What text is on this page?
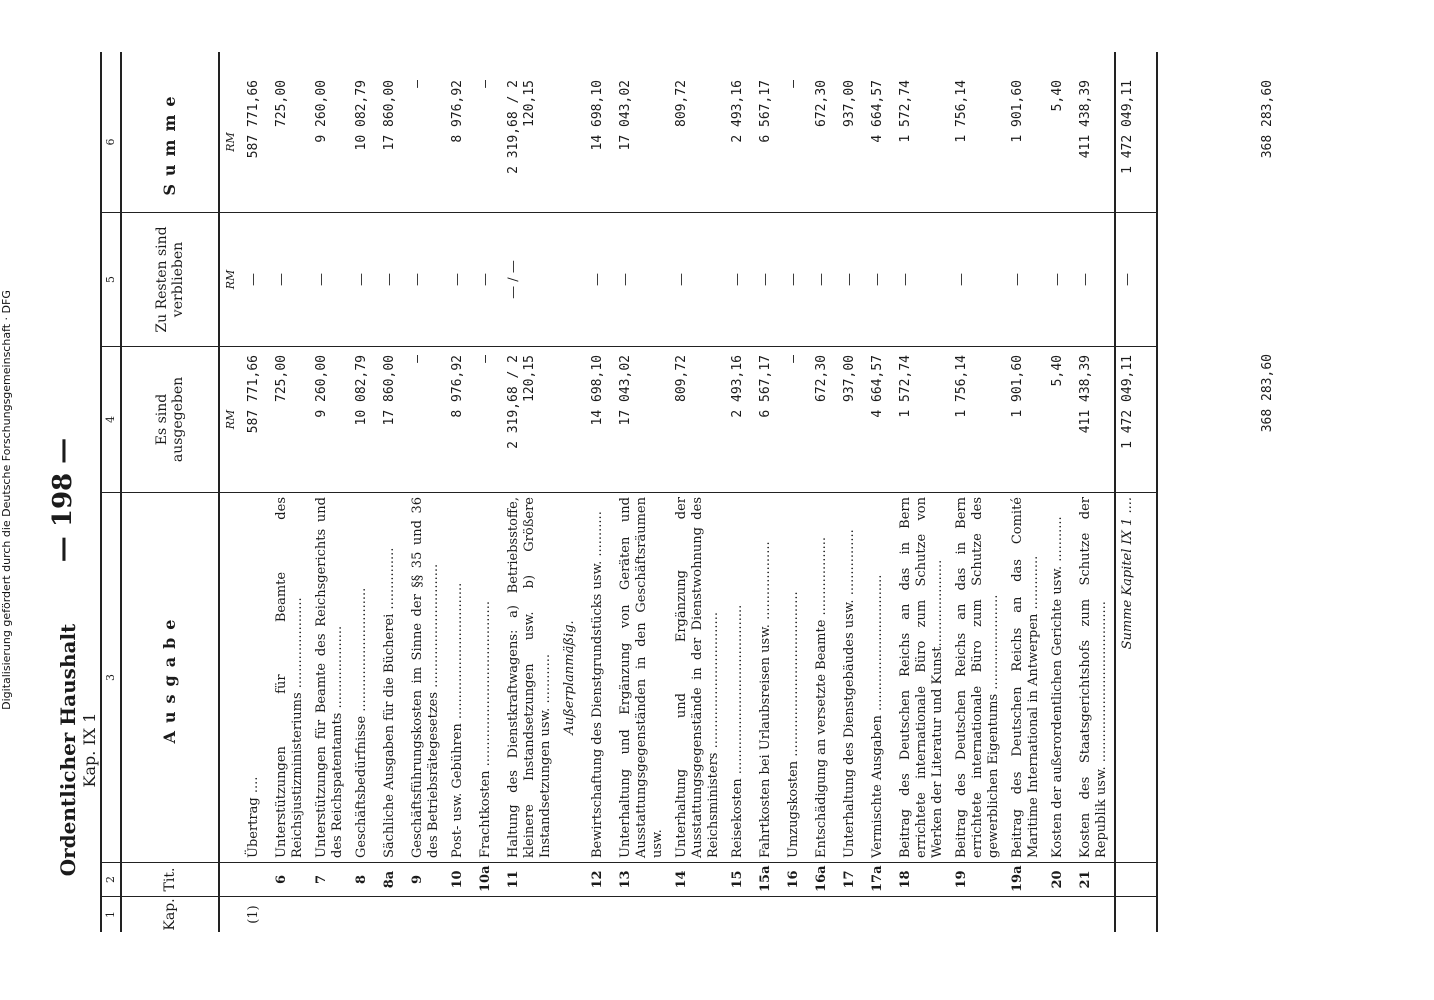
Ordentlicher Haushalt Kap. IX 1
— 198 —
1
2
3
4
5
6
Kap.
Tit.
Ausgabe
Es sind ausgegeben
Zu Resten sind verblieben
Summe
RM
RM
RM
(1)
Übertrag ....
587 771,66
—
587 771,66
6
Unterstützungen für Beamte des Reichsjustizministeriums ......................
725,00
—
725,00
7
Unterstützungen für Beamte des Reichsgerichts und des Reichspatentamts ....................
9 260,00
—
9 260,00
8
Geschäftsbedürfnisse ..............................
10 082,79
—
10 082,79
8a
Sächliche Ausgaben für die Bücherei ...............
17 860,00
—
17 860,00
9
Geschäftsführungskosten im Sinne der §§ 35 und 36 des Betriebsrätegesetzes ..............................
—
—
—
10
Post- usw. Gebühren .................................
8 976,92
—
8 976,92
10a
Frachtkosten ........................................
—
—
—
11
Haltung des Dienstkraftwagens: a) Betriebsstoffe, kleinere Instandsetzungen usw. b) Größere Instandsetzungen usw. ............
2 319,68 / 2 120,15
— / —
2 319,68 / 2 120,15
Außerplanmäßig.
12
Bewirtschaftung des Dienstgrundstücks usw. ...........
14 698,10
—
14 698,10
13
Unterhaltung und Ergänzung von Geräten und Ausstattungsgegenständen in den Geschäftsräumen usw.
17 043,02
—
17 043,02
14
Unterhaltung und Ergänzung der Ausstattungsgegenstände in der Dienstwohnung des Reichsministers .................................
809,72
—
809,72
15
Reisekosten .........................................
2 493,16
—
2 493,16
15a
Fahrtkosten bei Urlaubsreisen usw. ...................
6 567,17
—
6 567,17
16
Umzugskosten ........................................
—
—
—
16a
Entschädigung an versetzte Beamte ...................
672,30
—
672,30
17
Unterhaltung des Dienstgebäudes usw. ................
937,00
—
937,00
17a
Vermischte Ausgaben .................................
4 664,57
—
4 664,57
18
Beitrag des Deutschen Reichs an das in Bern errichtete internationale Büro zum Schutze von Werken der Literatur und Kunst.....................
1 572,74
—
1 572,74
19
Beitrag des Deutschen Reichs an das in Bern errichtete internationale Büro zum Schutze des gewerblichen Eigentums .......................
1 756,14
—
1 756,14
19a
Beitrag des Deutschen Reichs an das Comité Maritime International in Antwerpen .............
1 901,60
—
1 901,60
20
Kosten der außerordentlichen Gerichte usw. ...........
5,40
—
5,40
21
Kosten des Staatsgerichtshofs zum Schutze der Republik usw. .......................................
411 438,39
—
411 438,39
Summe Kapitel IX 1 ....
1 472 049,11
—
1 472 049,11
368 283,60
368 283,60
Digitalisierung gefördert durch die Deutsche Forschungsgemeinschaft · DFG
